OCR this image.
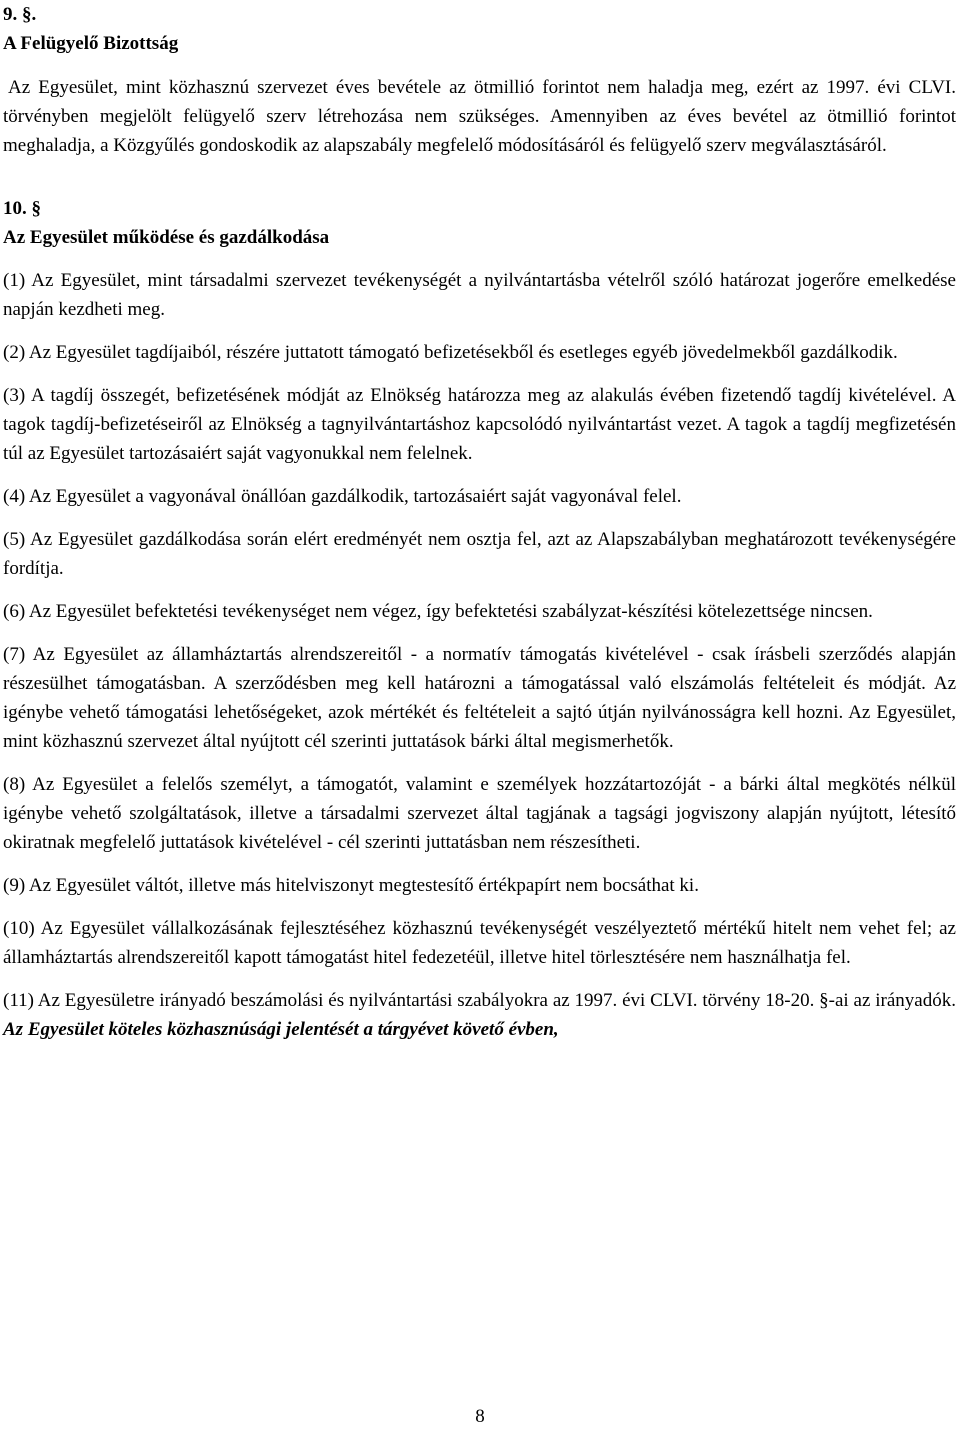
9. §.
A Felügyelő Bizottság

Az Egyesület, mint közhasznú szervezet éves bevétele az ötmillió forintot nem haladja meg, ezért az 1997. évi CLVI. törvényben megjelölt felügyelő szerv létrehozása nem szükséges. Amennyiben az éves bevétel az ötmillió forintot meghaladja, a Közgyűlés gondoskodik az alapszabály megfelelő módosításáról és felügyelő szerv megválasztásáról.

10. §
Az Egyesület működése és gazdálkodása

(1) Az Egyesület, mint társadalmi szervezet tevékenységét a nyilvántartásba vételről szóló határozat jogerőre emelkedése napján kezdheti meg.

(2) Az Egyesület tagdíjaiból, részére juttatott támogató befizetésekből és esetleges egyéb jövedelmekből gazdálkodik.

(3) A tagdíj összegét, befizetésének módját az Elnökség határozza meg az alakulás évében fizetendő tagdíj kivételével. A tagok tagdíj-befizetéseiről az Elnökség a tagnyilvántartáshoz kapcsolódó nyilvántartást vezet. A tagok a tagdíj megfizetésén túl az Egyesület tartozásaiért saját vagyonukkal nem felelnek.

(4) Az Egyesület a vagyonával önállóan gazdálkodik, tartozásaiért saját vagyonával felel.

(5) Az Egyesület gazdálkodása során elért eredményét nem osztja fel, azt az Alapszabályban meghatározott tevékenységére fordítja.

(6) Az Egyesület befektetési tevékenységet nem végez, így befektetési szabályzat-készítési kötelezettsége nincsen.

(7) Az Egyesület az államháztartás alrendszereitől - a normatív támogatás kivételével - csak írásbeli szerződés alapján részesülhet támogatásban. A szerződésben meg kell határozni a támogatással való elszámolás feltételeit és módját. Az igénybe vehető támogatási lehetőségeket, azok mértékét és feltételeit a sajtó útján nyilvánosságra kell hozni. Az Egyesület, mint közhasznú szervezet által nyújtott cél szerinti juttatások bárki által megismerhetők.

(8) Az Egyesület a felelős személyt, a támogatót, valamint e személyek hozzátartozóját - a bárki által megkötés nélkül igénybe vehető szolgáltatások, illetve a társadalmi szervezet által tagjának a tagsági jogviszony alapján nyújtott, létesítő okiratnak megfelelő juttatások kivételével - cél szerinti juttatásban nem részesítheti.

(9) Az Egyesület váltót, illetve más hitelviszonyt megtestesítő értékpapírt nem bocsáthat ki.

(10) Az Egyesület vállalkozásának fejlesztéséhez közhasznú tevékenységét veszélyeztető mértékű hitelt nem vehet fel; az államháztartás alrendszereitől kapott támogatást hitel fedezetéül, illetve hitel törlesztésére nem használhatja fel.

(11) Az Egyesületre irányadó beszámolási és nyilvántartási szabályokra az 1997. évi CLVI. törvény 18-20. §-ai az irányadók. Az Egyesület köteles közhasznúsági jelentését a tárgyévet követő évben,

8
